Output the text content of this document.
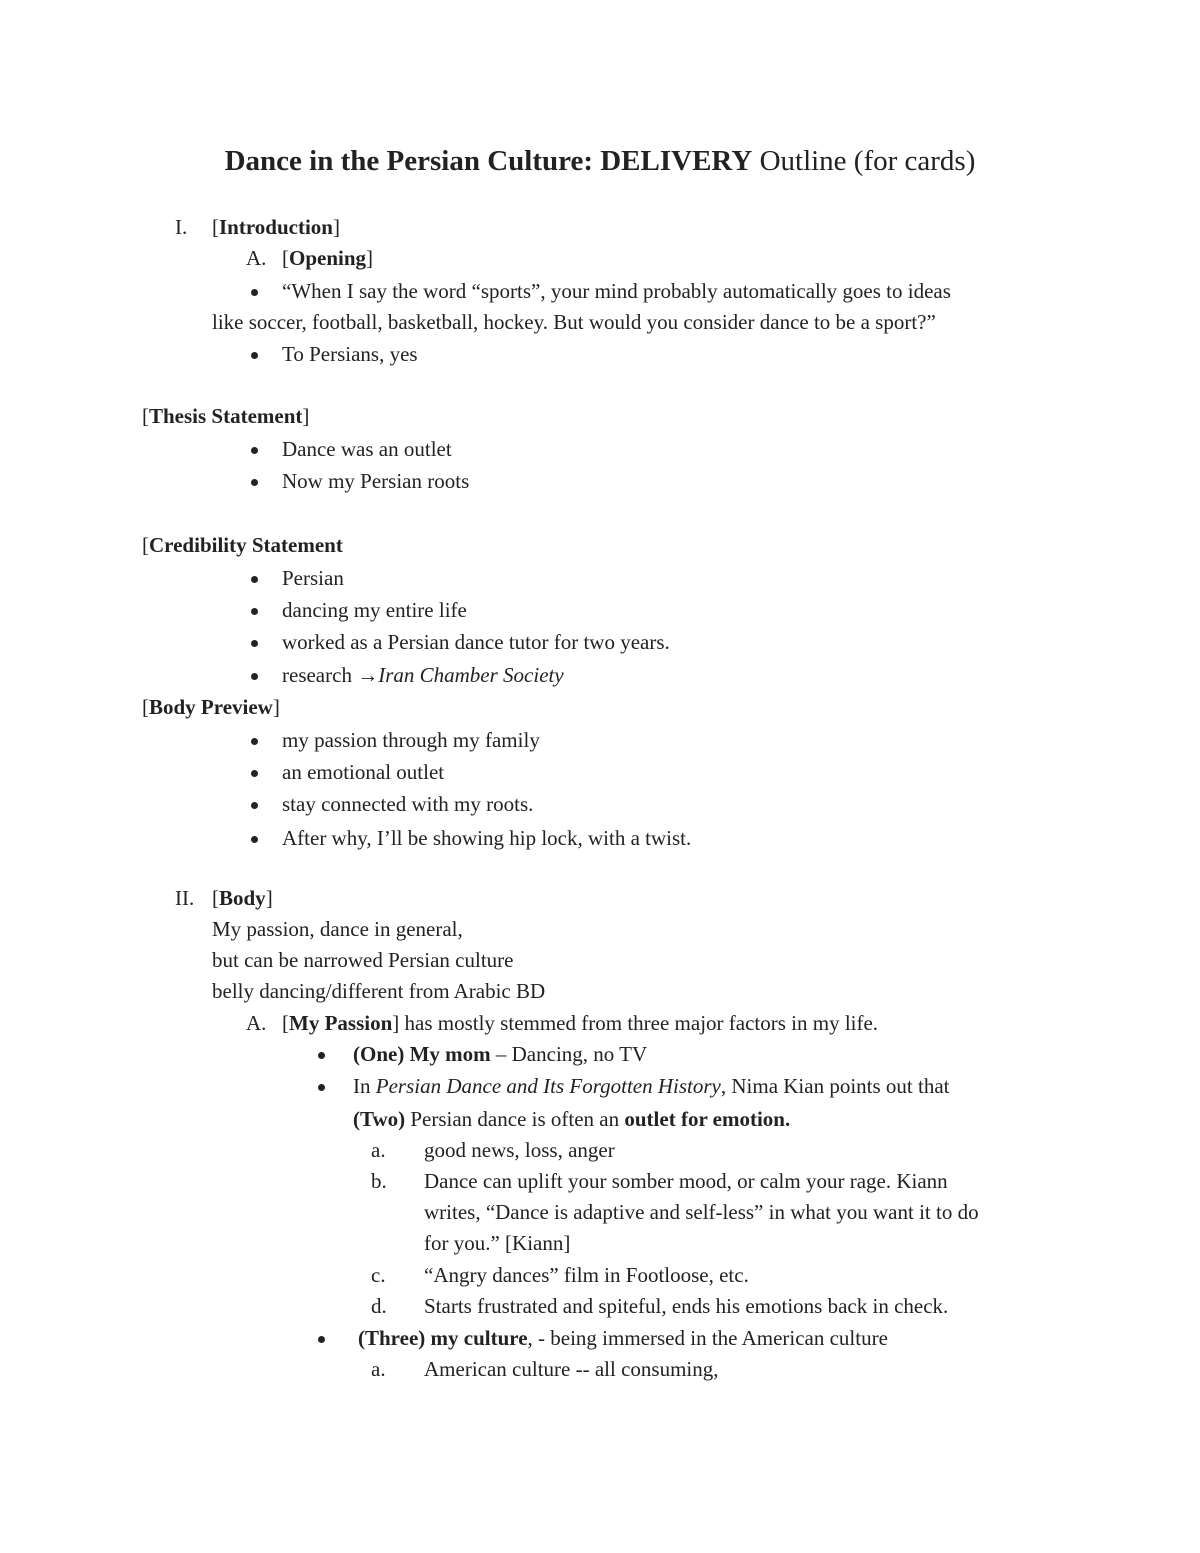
Dance in the Persian Culture: DELIVERY Outline (for cards)
I. [Introduction]
A. [Opening]
“When I say the word “sports”, your mind probably automatically goes to ideas
like soccer, football, basketball, hockey. But would you consider dance to be a sport?”
To Persians, yes
[Thesis Statement]
Dance was an outlet
Now my Persian roots
[Credibility Statement
Persian
dancing my entire life
worked as a Persian dance tutor for two years.
research →Iran Chamber Society
[Body Preview]
my passion through my family
an emotional outlet
stay connected with my roots.
After why, I’ll be showing hip lock, with a twist.
II. [Body]
My passion, dance in general,
but can be narrowed Persian culture
belly dancing/different from Arabic BD
A. [My Passion] has mostly stemmed from three major factors in my life.
(One) My mom – Dancing, no TV
In Persian Dance and Its Forgotten History, Nima Kian points out that
(Two) Persian dance is often an outlet for emotion.
a. good news, loss, anger
b. Dance can uplift your somber mood, or calm your rage. Kiann
writes, “Dance is adaptive and self-less” in what you want it to do
for you.” [Kiann]
c. “Angry dances” film in Footloose, etc.
d. Starts frustrated and spiteful, ends his emotions back in check.
(Three) my culture, - being immersed in the American culture
a. American culture -- all consuming,
